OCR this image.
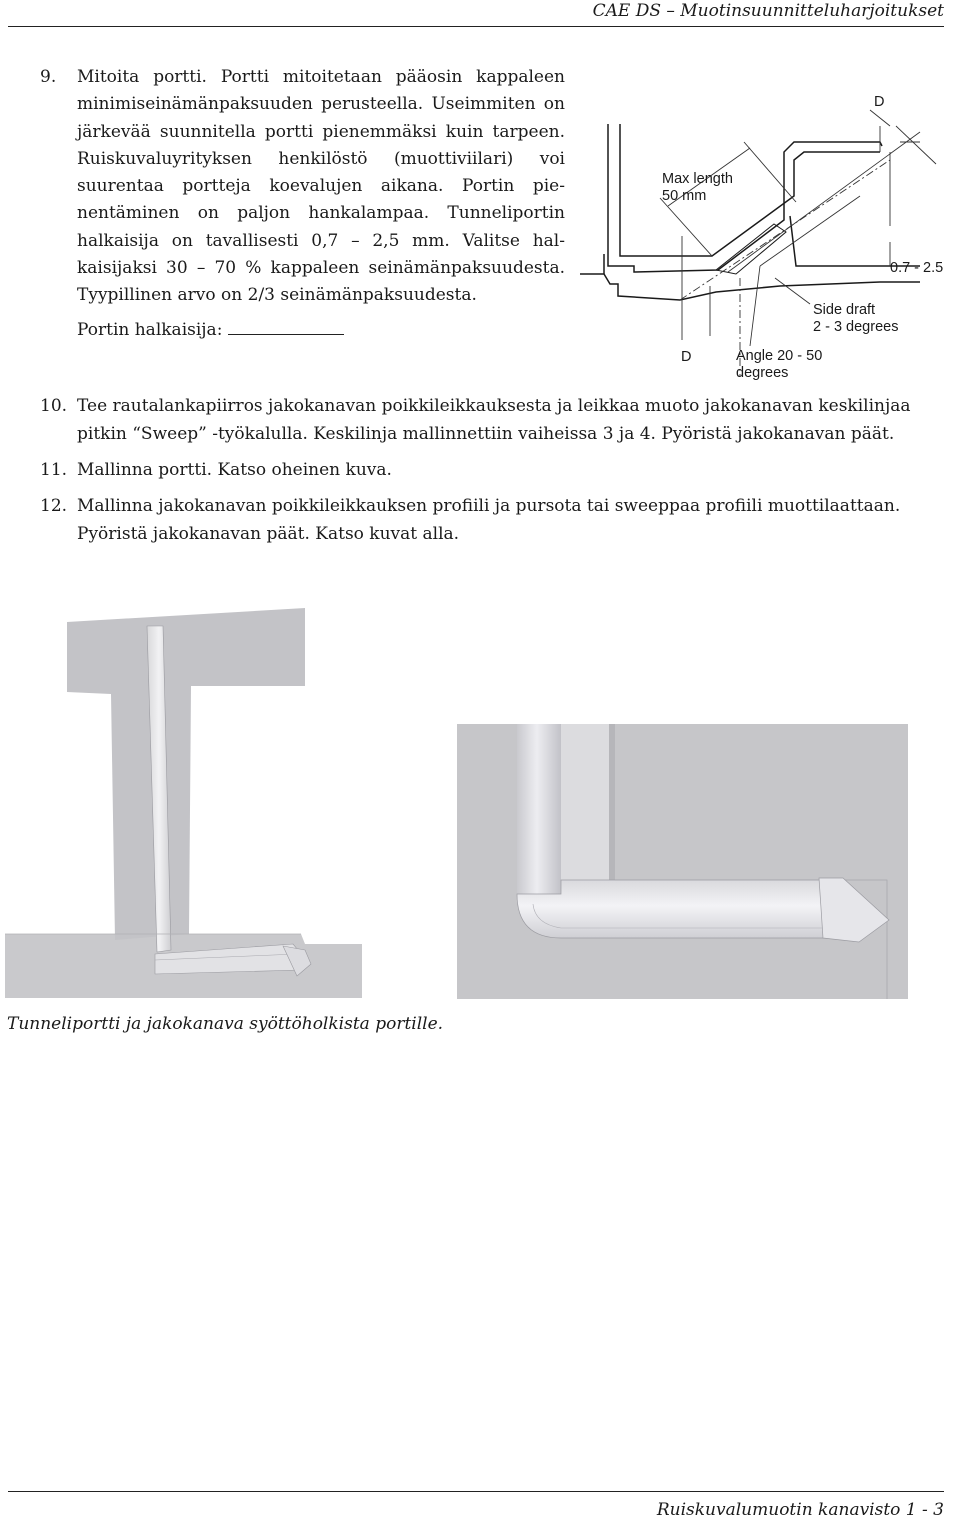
CAE DS – Muotinsuunnitteluharjoitukset
9. Mitoita portti. Portti mitoitetaan pääosin kappaleen minimiseinämänpaksuuden perusteella. Useimmiten on järkevää suunnitella portti pienemmäksi kuin tarpeen. Ruiskuvaluyrityksen henkilöstö (muottiviilari) voi suurentaa portteja koevalujen aikana. Portin pienentäminen on paljon hankalampaa. Tunneliportin halkaisija on tavallisesti 0,7 – 2,5 mm. Valitse halkaisijaksi 30 – 70 % kappaleen seinämänpaksuudesta. Tyypillinen arvo on 2/3 seinämänpaksuudesta.
Portin halkaisija:
Max length
50 mm
D
0.7 - 2.5
Side draft
2 - 3 degrees
D	Angle 20 - 50
degrees
10. Tee rautalankapiirros jakokanavan poikkileikkauksesta ja leikkaa muoto jakokanavan keskilinjaa pitkin “Sweep” -työkalulla. Keskilinja mallinnettiin vaiheissa 3 ja 4. Pyöristä jakokanavan päät.
11. Mallinna portti. Katso oheinen kuva.
12. Mallinna jakokanavan poikkileikkauksen profiili ja pursota tai sweeppaa profiili muottilaattaan. Pyöristä jakokanavan päät. Katso kuvat alla.
Tunneliportti ja jakokanava syöttöholkista portille.
Ruiskuvalumuotin kanavisto 1 - 3
